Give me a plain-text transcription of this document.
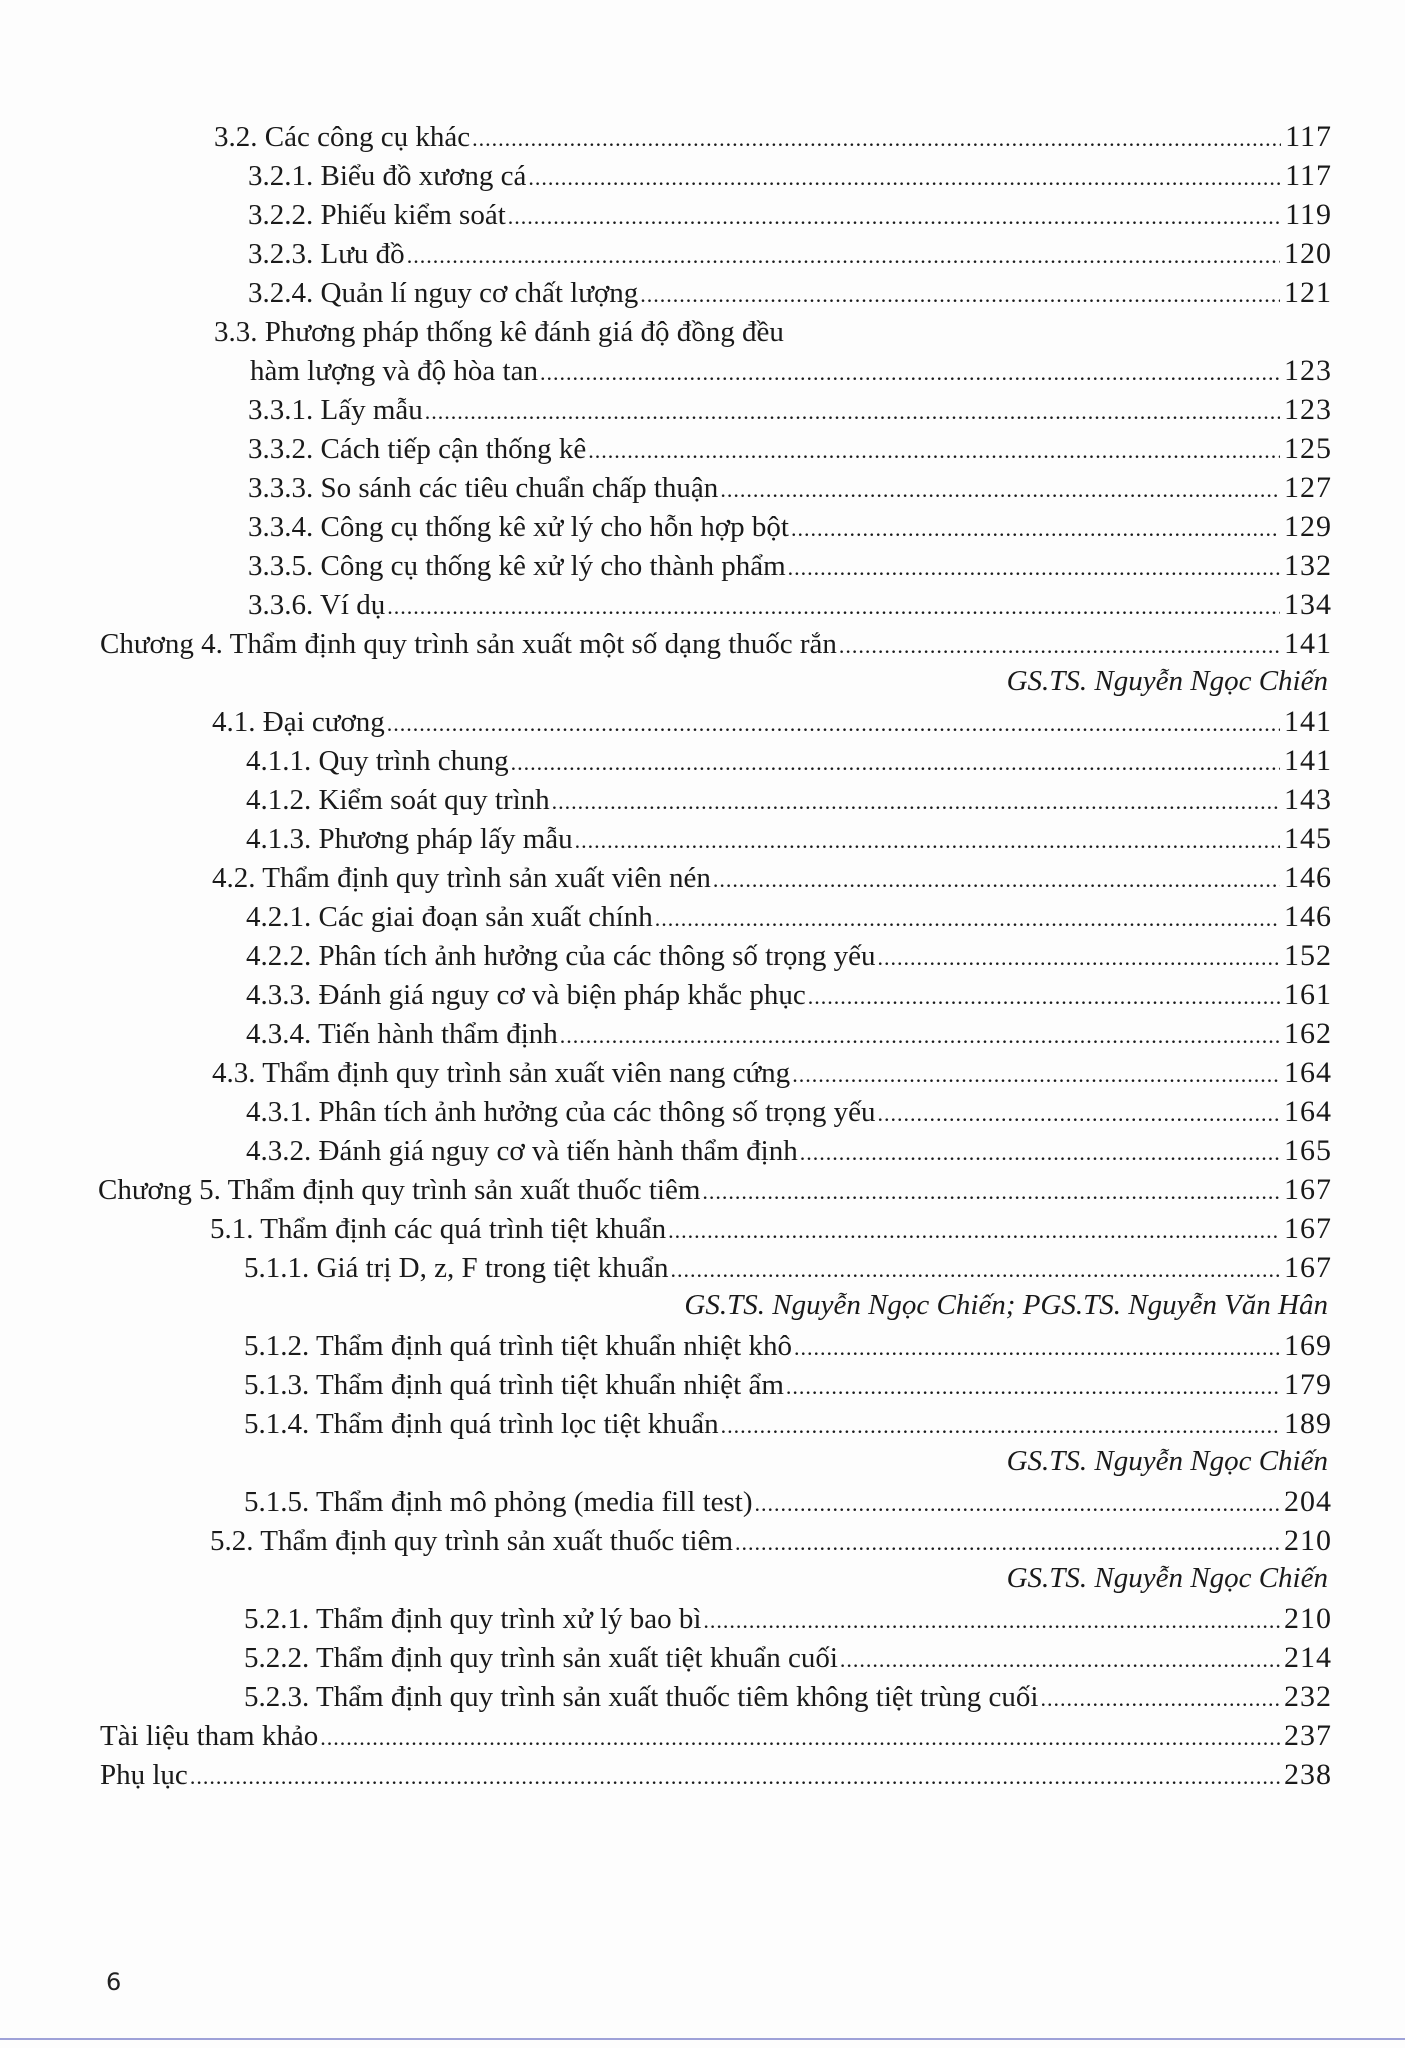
3.2. Các công cụ khác .....	117
3.2.1. Biểu đồ xương cá .....	117
3.2.2. Phiếu kiểm soát .....	119
3.2.3. Lưu đồ .....	120
3.2.4. Quản lí nguy cơ chất lượng .....	121
3.3. Phương pháp thống kê đánh giá độ đồng đều
hàm lượng và độ hòa tan .....	123
3.3.1. Lấy mẫu .....	123
3.3.2. Cách tiếp cận thống kê .....	125
3.3.3. So sánh các tiêu chuẩn chấp thuận .....	127
3.3.4. Công cụ thống kê xử lý cho hỗn hợp bột .....	129
3.3.5. Công cụ thống kê xử lý cho thành phẩm .....	132
3.3.6. Ví dụ .....	134
Chương 4. Thẩm định quy trình sản xuất một số dạng thuốc rắn .....	141
4.1. Đại cương .....	141
4.1.1. Quy trình chung .....	141
4.1.2. Kiểm soát quy trình .....	143
4.1.3. Phương pháp lấy mẫu .....	145
4.2. Thẩm định quy trình sản xuất viên nén .....	146
4.2.1. Các giai đoạn sản xuất chính .....	146
4.2.2. Phân tích ảnh hưởng của các thông số trọng yếu .....	152
4.3.3. Đánh giá nguy cơ và biện pháp khắc phục .....	161
4.3.4. Tiến hành thẩm định .....	162
4.3. Thẩm định quy trình sản xuất viên nang cứng .....	164
4.3.1. Phân tích ảnh hưởng của các thông số trọng yếu .....	164
4.3.2. Đánh giá nguy cơ và tiến hành thẩm định .....	165
Chương 5. Thẩm định quy trình sản xuất thuốc tiêm .....	167
5.1. Thẩm định các quá trình tiệt khuẩn .....	167
5.1.1. Giá trị D, z, F trong tiệt khuẩn .....	167
5.1.2. Thẩm định quá trình tiệt khuẩn nhiệt khô .....	169
5.1.3. Thẩm định quá trình tiệt khuẩn nhiệt ẩm .....	179
5.1.4. Thẩm định quá trình lọc tiệt khuẩn .....	189
5.1.5. Thẩm định mô phỏng (media fill test) .....	204
5.2. Thẩm định quy trình sản xuất thuốc tiêm .....	210
5.2.1. Thẩm định quy trình xử lý bao bì .....	210
5.2.2. Thẩm định quy trình sản xuất tiệt khuẩn cuối .....	214
5.2.3. Thẩm định quy trình sản xuất thuốc tiêm không tiệt trùng cuối .....	232
Tài liệu tham khảo .....	237
Phụ lục .....	238
GS.TS. Nguyễn Ngọc Chiến
GS.TS. Nguyễn Ngọc Chiến; PGS.TS. Nguyễn Văn Hân
GS.TS. Nguyễn Ngọc Chiến
GS.TS. Nguyễn Ngọc Chiến
6
